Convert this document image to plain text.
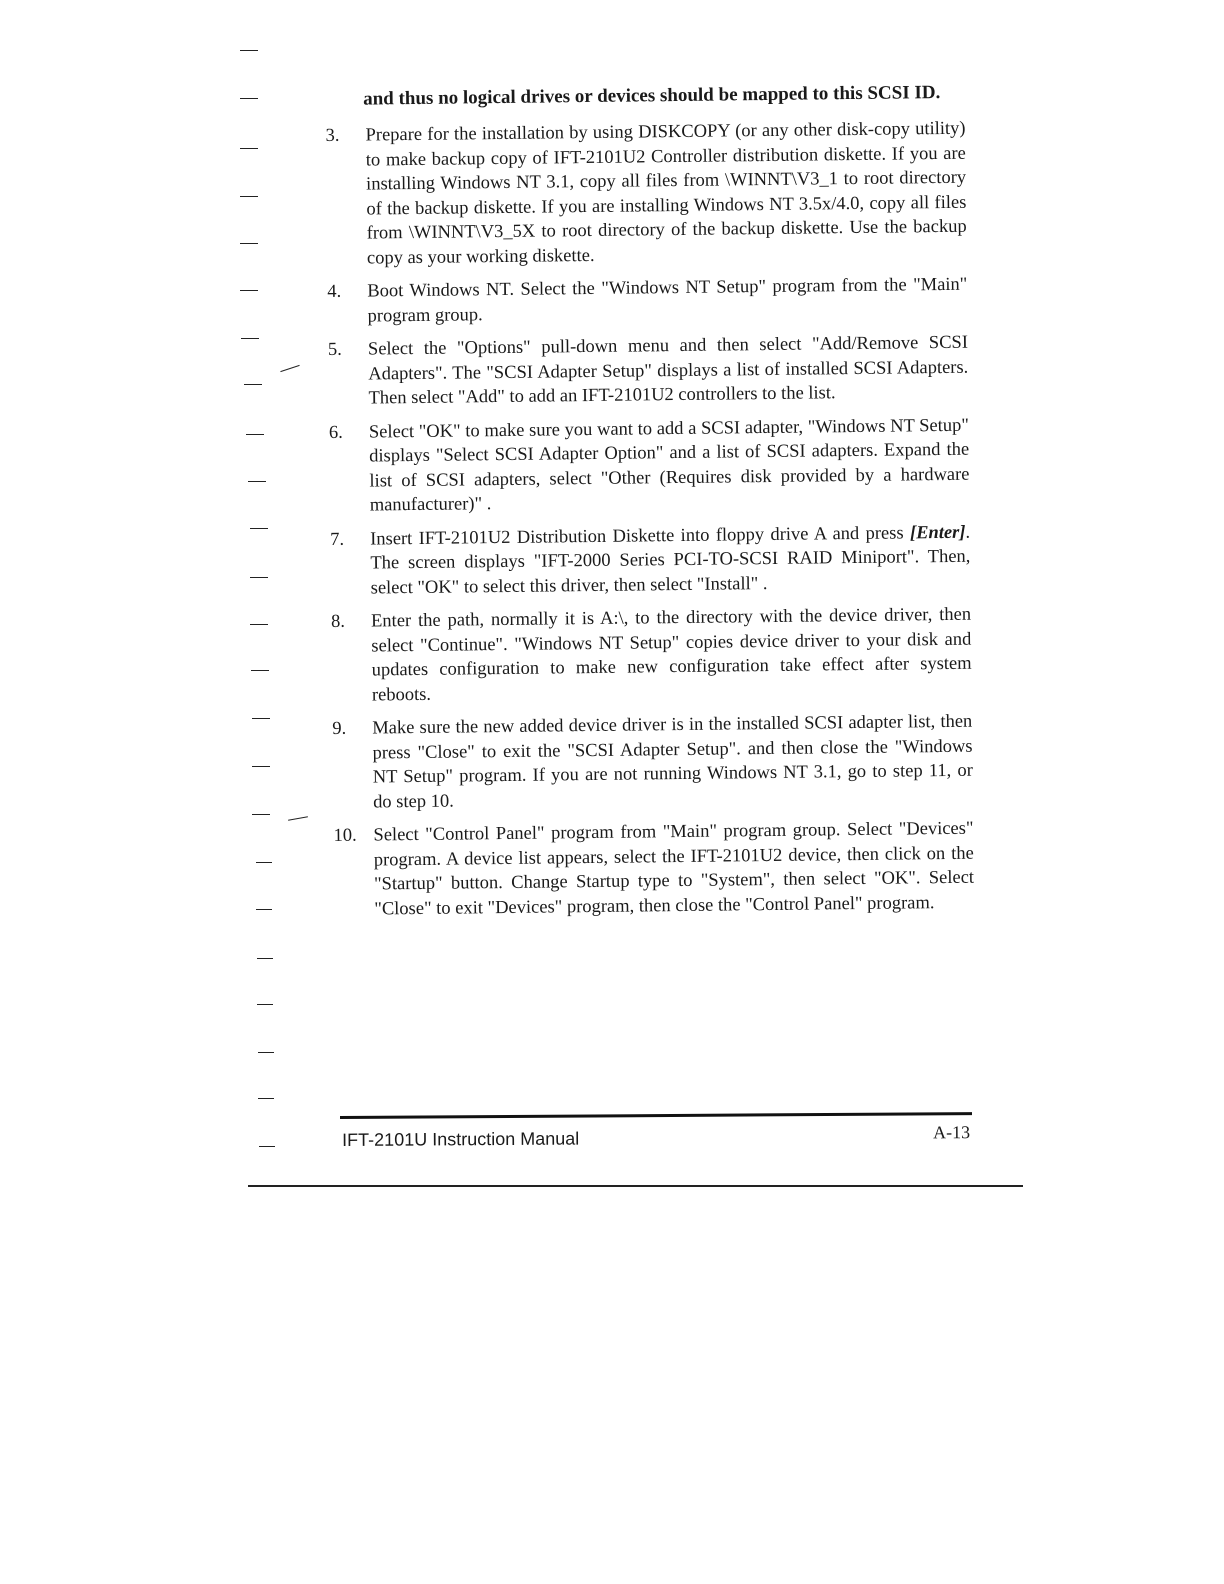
and thus no logical drives or devices should be mapped to this SCSI ID.

3.	Prepare for the installation by using DISKCOPY (or any other disk-copy utility) to make backup copy of IFT-2101U2 Controller distribution diskette. If you are installing Windows NT 3.1, copy all files from \WINNT\V3_1 to root directory of the backup diskette. If you are installing Windows NT 3.5x/4.0, copy all files from \WINNT\V3_5X to root directory of the backup diskette. Use the backup copy as your working diskette.
4.	Boot Windows NT. Select the "Windows NT Setup" program from the "Main" program group.
5.	Select the "Options" pull-down menu and then select "Add/Remove SCSI Adapters". The "SCSI Adapter Setup" displays a list of installed SCSI Adapters. Then select "Add" to add an IFT-2101U2 controllers to the list.
6.	Select "OK" to make sure you want to add a SCSI adapter, "Windows NT Setup" displays "Select SCSI Adapter Option" and a list of SCSI adapters. Expand the list of SCSI adapters, select "Other (Requires disk provided by a hardware manufacturer)" .
7.	Insert IFT-2101U2 Distribution Diskette into floppy drive A and press [Enter]. The screen displays "IFT-2000 Series PCI-TO-SCSI RAID Miniport". Then, select "OK" to select this driver, then select "Install" .
8.	Enter the path, normally it is A:\, to the directory with the device driver, then select "Continue". "Windows NT Setup" copies device driver to your disk and updates configuration to make new configuration take effect after system reboots.
9.	Make sure the new added device driver is in the installed SCSI adapter list, then press "Close" to exit the "SCSI Adapter Setup". and then close the "Windows NT Setup" program. If you are not running Windows NT 3.1, go to step 11, or do step 10.
10. Select "Control Panel" program from "Main" program group. Select "Devices" program. A device list appears, select the IFT-2101U2 device, then click on the "Startup" button. Change Startup type to "System", then select "OK". Select "Close" to exit "Devices" program, then close the "Control Panel" program.
IFT-2101U Instruction Manual	A-13
